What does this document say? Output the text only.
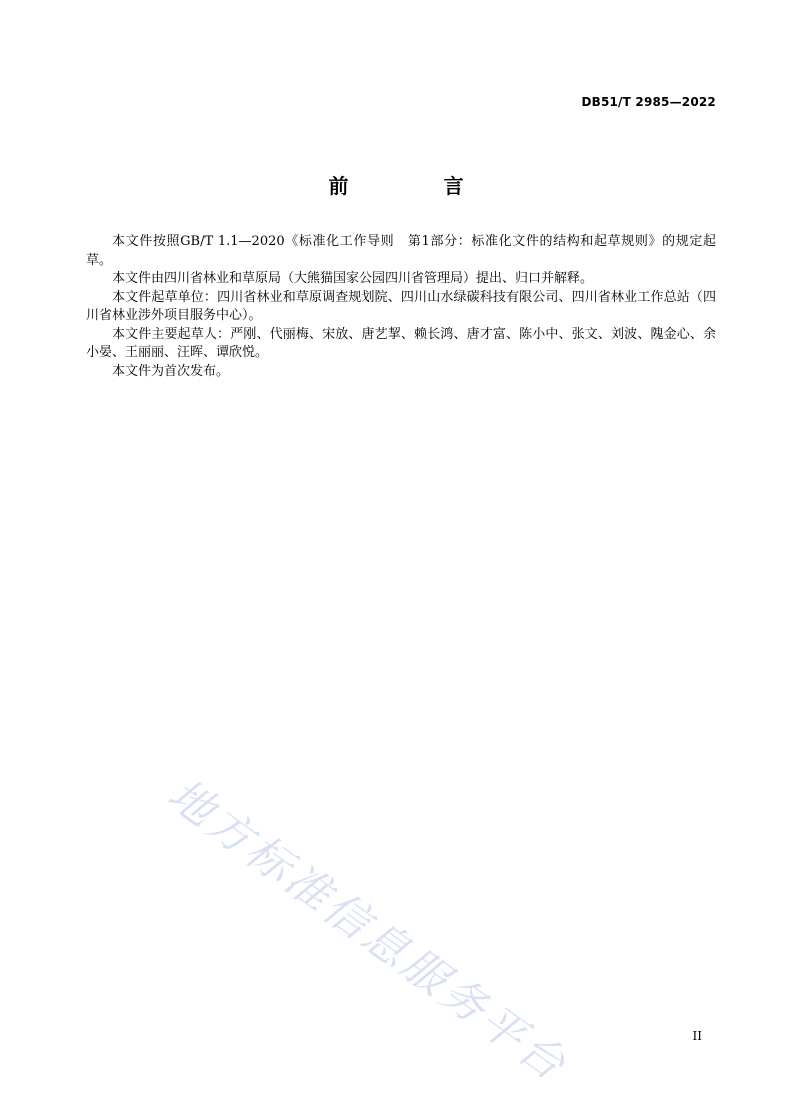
DB51/T 2985—2022
前 言

本文件按照GB/T 1.1—2020《标准化工作导则　第1部分：标准化文件的结构和起草规则》的规定起草。

本文件由四川省林业和草原局（大熊猫国家公园四川省管理局）提出、归口并解释。

本文件起草单位：四川省林业和草原调查规划院、四川山水绿碳科技有限公司、四川省林业工作总站（四川省林业涉外项目服务中心）。

本文件主要起草人：严刚、代丽梅、宋放、唐艺挈、赖长鸿、唐才富、陈小中、张文、刘波、隗金心、余小晏、王丽丽、汪晖、谭欣悦。

本文件为首次发布。

地方标准信息服务平台	II
